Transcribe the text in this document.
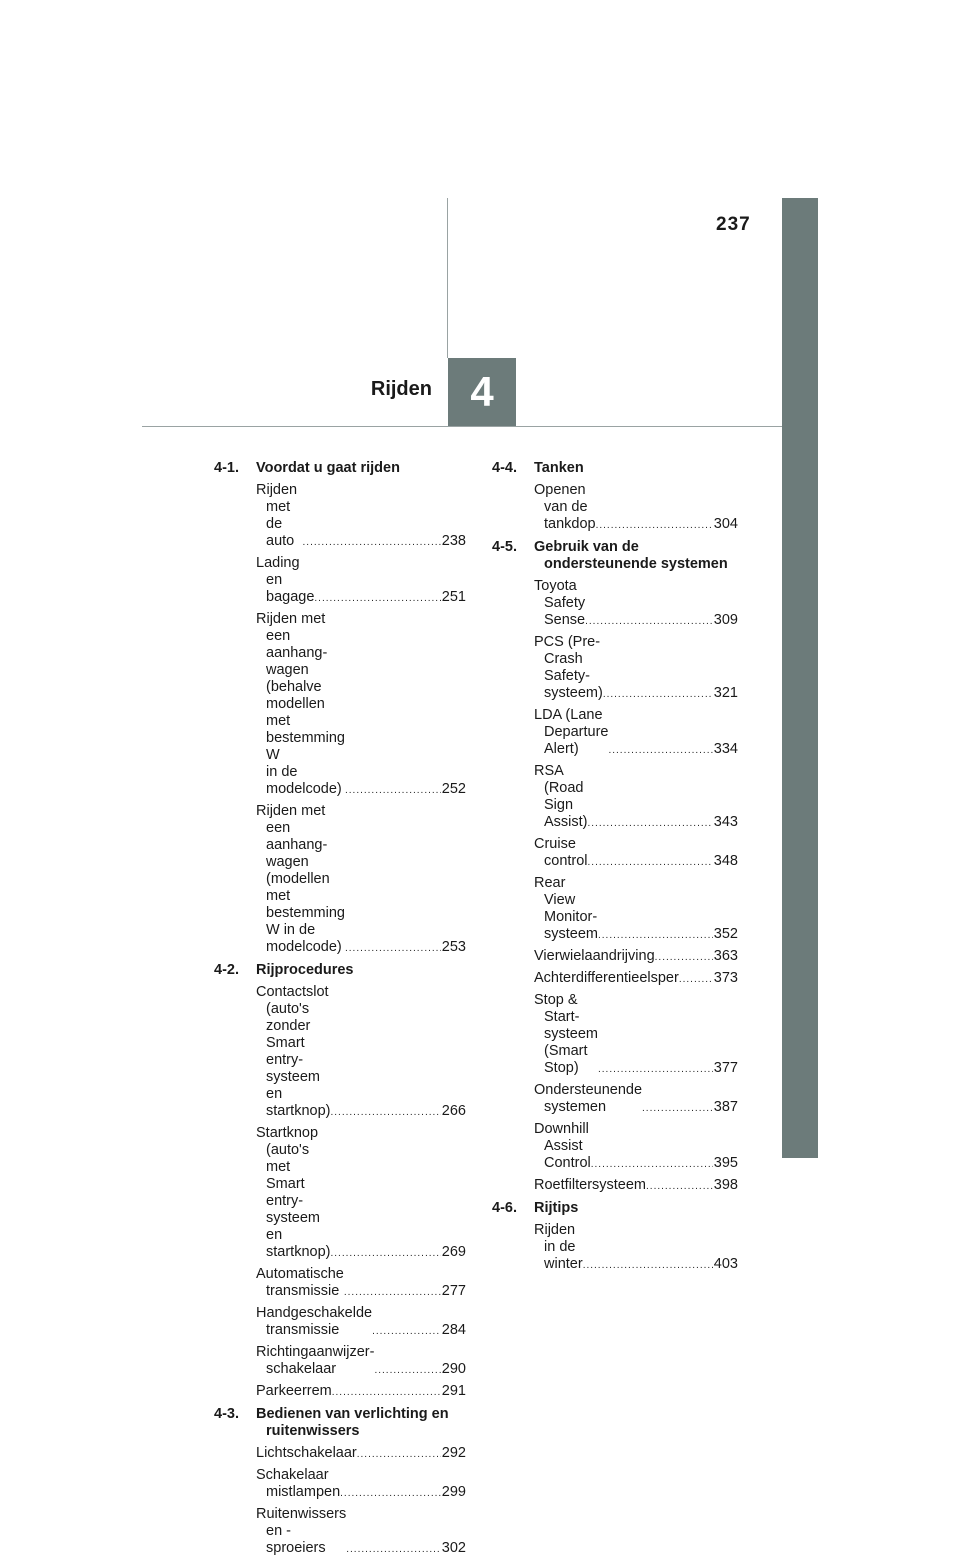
237
4
Rijden
4-1. Voordat u gaat rijden
Rijden met de auto .....	238
Lading en bagage .....	251
Rijden met een aanhang-
wagen (behalve modellen
met bestemming W
in de modelcode) .....	252
Rijden met een aanhang-
wagen (modellen met
bestemming W in de
modelcode) .....	253
4-2. Rijprocedures
Contactslot (auto's zonder
Smart entry-systeem en
startknop) .....	266
Startknop (auto's met
Smart entry-systeem en
startknop) .....	269
Automatische transmissie .....	277
Handgeschakelde
transmissie .....	284
Richtingaanwijzer-
schakelaar .....	290
Parkeerrem .....	291
4-3. Bedienen van verlichting en ruitenwissers
Lichtschakelaar .....	292
Schakelaar mistlampen .....	299
Ruitenwissers
en -sproeiers .....	302
4-4. Tanken
Openen van de tankdop .....	304
4-5. Gebruik van de ondersteunende systemen
Toyota Safety Sense .....	309
PCS (Pre-Crash
Safety-systeem) .....	321
LDA (Lane Departure
Alert) .....	334
RSA (Road Sign Assist) .....	343
Cruise control .....	348
Rear View Monitor-
systeem .....	352
Vierwielaandrijving .....	363
Achterdifferentieelsper ..... 373
Stop & Start-systeem
(Smart Stop) .....	377
Ondersteunende
systemen .....	387
Downhill Assist Control .....	395
Roetfiltersysteem .....	398
4-6. Rijtips
Rijden in de winter .....	403
